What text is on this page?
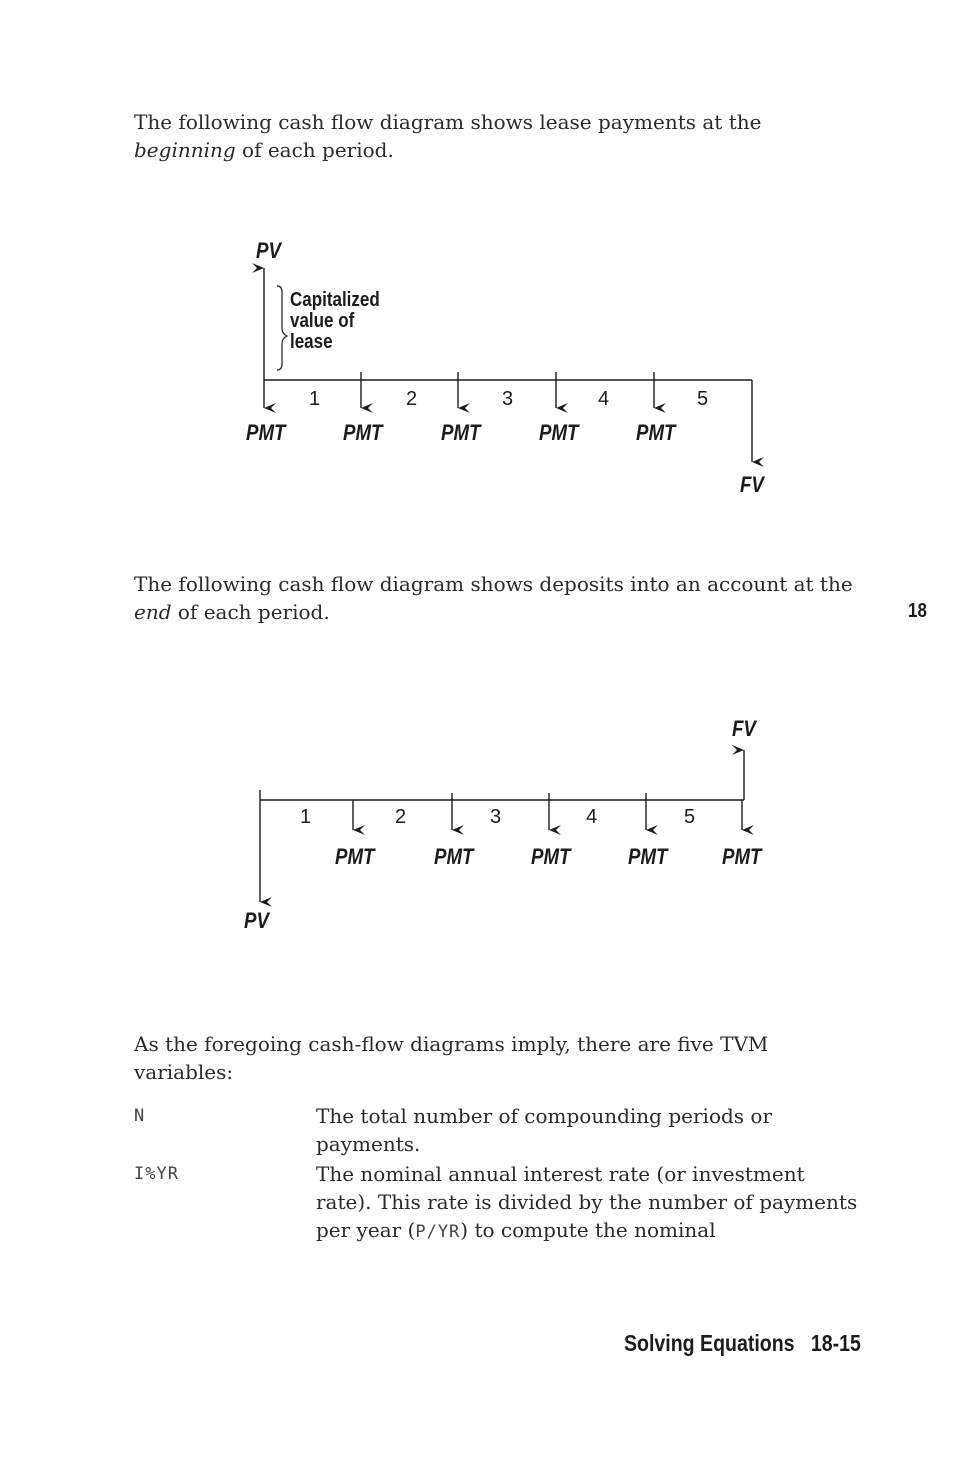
The following cash flow diagram shows lease payments at the beginning of each period.
PV
Capitalized
value of
lease
1	2	3	4	5
PMT	PMT	PMT	PMT	PMT
FV
The following cash flow diagram shows deposits into an account at the end of each period.	18
FV
1	2	3	4	5
PMT	PMT	PMT	PMT PMT
PV
As the foregoing cash-flow diagrams imply, there are five TVM variables:
N	The total number of compounding periods or payments.
I%YR	The nominal annual interest rate (or investment rate). This rate is divided by the number of payments per year (P/YR) to compute the nominal
Solving Equations 18-15
